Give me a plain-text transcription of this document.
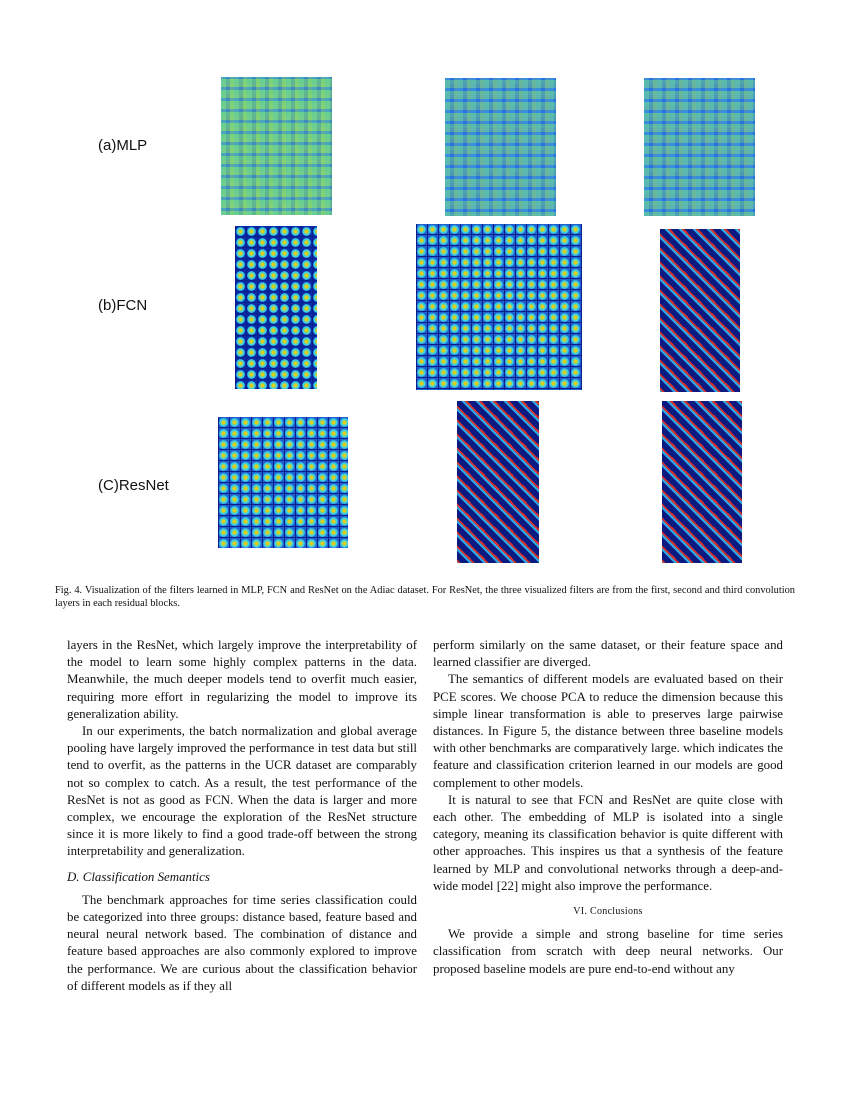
(a)MLP
(b)FCN
(C)ResNet
Fig. 4. Visualization of the filters learned in MLP, FCN and ResNet on the Adiac dataset. For ResNet, the three visualized filters are from the first, second and third convolution layers in each residual blocks.

layers in the ResNet, which largely improve the interpretability of the model to learn some highly complex patterns in the data. Meanwhile, the much deeper models tend to overfit much easier, requiring more effort in regularizing the model to improve its generalization ability.

In our experiments, the batch normalization and global average pooling have largely improved the performance in test data but still tend to overfit, as the patterns in the UCR dataset are comparably not so complex to catch. As a result, the test performance of the ResNet is not as good as FCN. When the data is larger and more complex, we encourage the exploration of the ResNet structure since it is more likely to find a good trade-off between the strong interpretability and generalization.

D. Classification Semantics

The benchmark approaches for time series classification could be categorized into three groups: distance based, feature based and neural neural network based. The combination of distance and feature based approaches are also commonly explored to improve the performance. We are curious about the classification behavior of different models as if they all

perform similarly on the same dataset, or their feature space and learned classifier are diverged.

The semantics of different models are evaluated based on their PCE scores. We choose PCA to reduce the dimension because this simple linear transformation is able to preserves large pairwise distances. In Figure 5, the distance between three baseline models with other benchmarks are comparatively large. which indicates the feature and classification criterion learned in our models are good complement to other models.

It is natural to see that FCN and ResNet are quite close with each other. The embedding of MLP is isolated into a single category, meaning its classification behavior is quite different with other approaches. This inspires us that a synthesis of the feature learned by MLP and convolutional networks through a deep-and-wide model [22] might also improve the performance.

VI. Conclusions

We provide a simple and strong baseline for time series classification from scratch with deep neural networks. Our proposed baseline models are pure end-to-end without any
